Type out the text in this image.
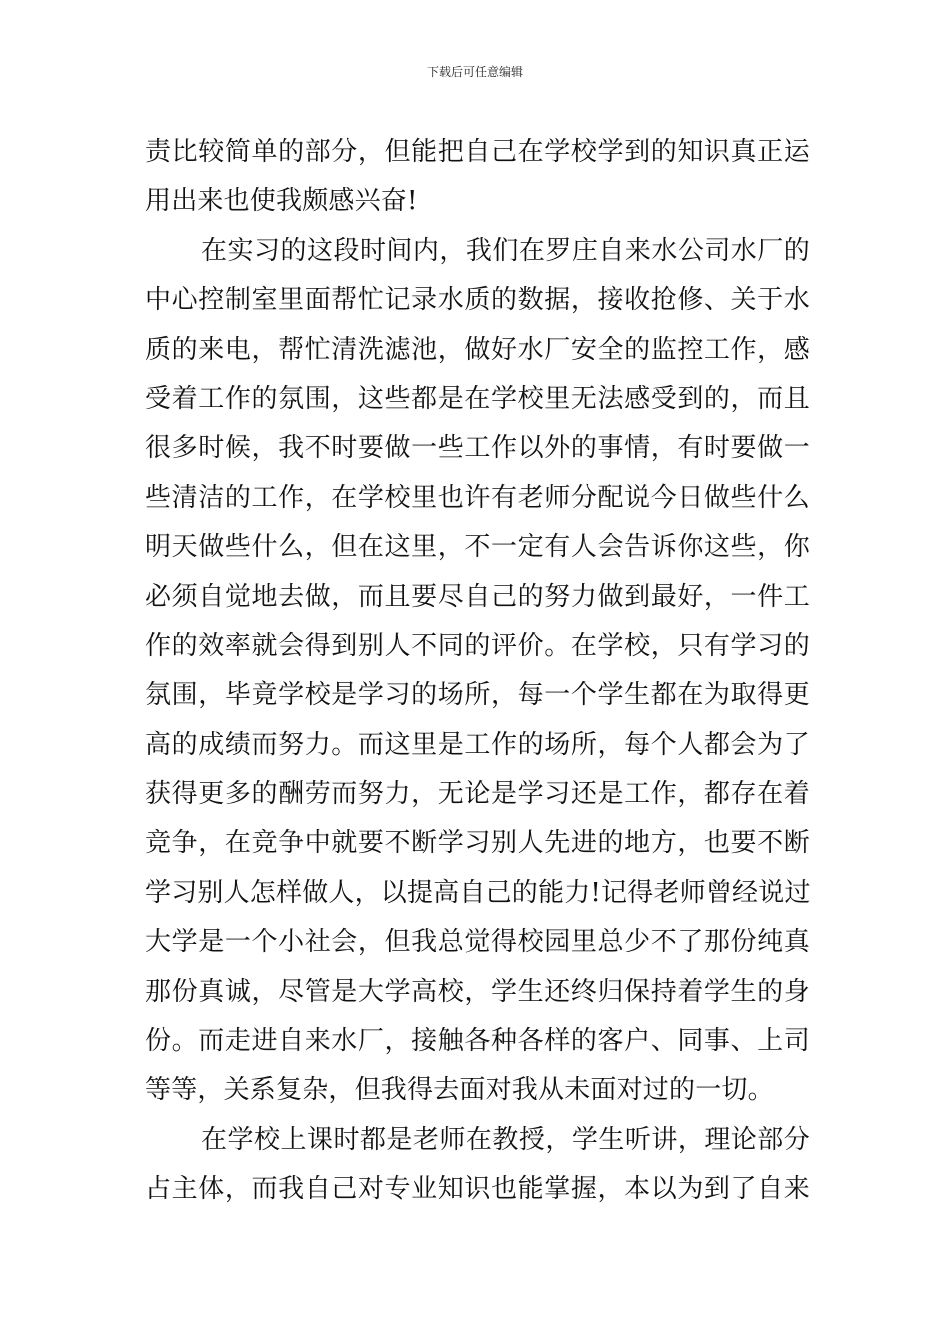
下载后可任意编辑
责比较简单的部分，但能把自己在学校学到的知识真正运
用出来也使我颇感兴奋!
在实习的这段时间内，我们在罗庄自来水公司水厂的
中心控制室里面帮忙记录水质的数据，接收抢修、关于水
质的来电，帮忙清洗滤池，做好水厂安全的监控工作，感
受着工作的氛围，这些都是在学校里无法感受到的，而且
很多时候，我不时要做一些工作以外的事情，有时要做一
些清洁的工作，在学校里也许有老师分配说今日做些什么
明天做些什么，但在这里，不一定有人会告诉你这些，你
必须自觉地去做，而且要尽自己的努力做到最好，一件工
作的效率就会得到别人不同的评价。在学校，只有学习的
氛围，毕竟学校是学习的场所，每一个学生都在为取得更
高的成绩而努力。而这里是工作的场所，每个人都会为了
获得更多的酬劳而努力，无论是学习还是工作，都存在着
竞争，在竞争中就要不断学习别人先进的地方，也要不断
学习别人怎样做人，以提高自己的能力!记得老师曾经说过
大学是一个小社会，但我总觉得校园里总少不了那份纯真
那份真诚，尽管是大学高校，学生还终归保持着学生的身
份。而走进自来水厂，接触各种各样的客户、同事、上司
等等，关系复杂，但我得去面对我从未面对过的一切。
在学校上课时都是老师在教授，学生听讲，理论部分
占主体，而我自己对专业知识也能掌握，本以为到了自来
